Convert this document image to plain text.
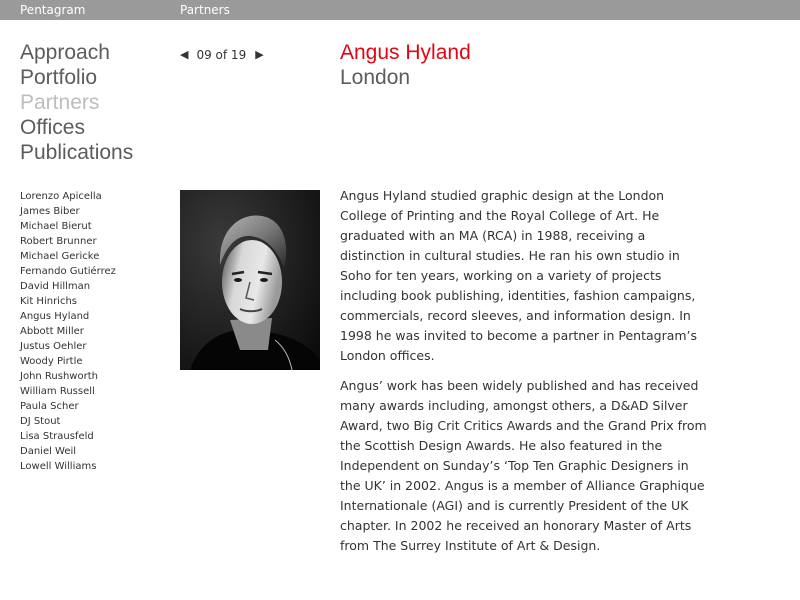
Pentagram	Partners
Approach
Portfolio
Partners
Offices
Publications
◀ 09 of 19 ▶	Angus Hyland
London
Lorenzo Apicella
James Biber
Michael Bierut
Robert Brunner
Michael Gericke
Fernando Gutiérrez
David Hillman
Kit Hinrichs
Angus Hyland
Abbott Miller
Justus Oehler
Woody Pirtle
John Rushworth
William Russell
Paula Scher
DJ Stout
Lisa Strausfeld
Daniel Weil
Lowell Williams

Angus Hyland studied graphic design at the London College of Printing and the Royal College of Art. He graduated with an MA (RCA) in 1988, receiving a distinction in cultural studies. He ran his own studio in Soho for ten years, working on a variety of projects including book publishing, identities, fashion campaigns, commercials, record sleeves, and information design. In 1998 he was invited to become a partner in Pentagram’s London offices.

Angus’ work has been widely published and has received many awards including, amongst others, a D&AD Silver Award, two Big Crit Critics Awards and the Grand Prix from the Scottish Design Awards. He also featured in the Independent on Sunday’s ‘Top Ten Graphic Designers in the UK’ in 2002. Angus is a member of Alliance Graphique Internationale (AGI) and is currently President of the UK chapter. In 2002 he received an honorary Master of Arts from The Surrey Institute of Art & Design.
